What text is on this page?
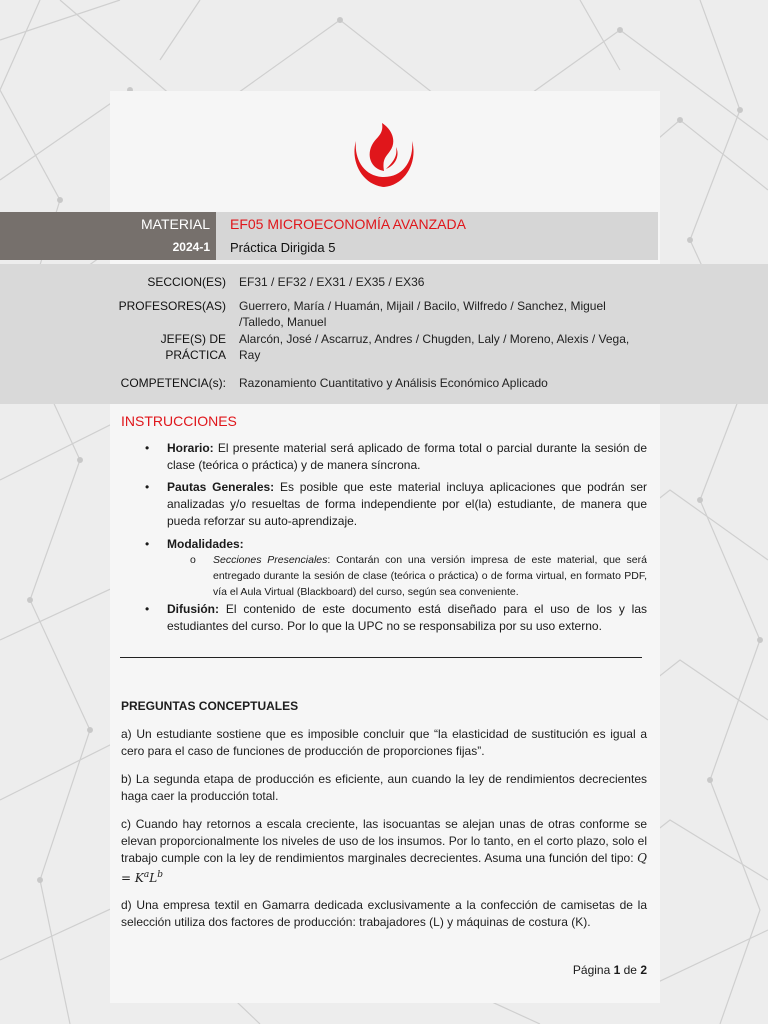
MATERIAL
2024-1
EF05 MICROECONOMÍA AVANZADA
Práctica Dirigida 5
SECCION(ES) EF31 / EF32 / EX31 / EX35 / EX36
PROFESORES(AS) Guerrero, María / Huamán, Mijail / Bacilo, Wilfredo / Sanchez, Miguel /Talledo, Manuel
JEFE(S) DE
PRÁCTICA
Alarcón, José / Ascarruz, Andres / Chugden, Laly / Moreno, Alexis / Vega, Ray
COMPETENCIA(s): Razonamiento Cuantitativo y Análisis Económico Aplicado
INSTRUCCIONES
• Horario: El presente material será aplicado de forma total o parcial durante la sesión de clase (teórica o práctica) y de manera síncrona.
• Pautas Generales: Es posible que este material incluya aplicaciones que podrán ser analizadas y/o resueltas de forma independiente por el(la) estudiante, de manera que pueda reforzar su auto-aprendizaje.
• Modalidades:
o Secciones Presenciales: Contarán con una versión impresa de este material, que será entregado durante la sesión de clase (teórica o práctica) o de forma virtual, en formato PDF, vía el Aula Virtual (Blackboard) del curso, según sea conveniente.
• Difusión: El contenido de este documento está diseñado para el uso de los y las estudiantes del curso. Por lo que la UPC no se responsabiliza por su uso externo.
PREGUNTAS CONCEPTUALES
a) Un estudiante sostiene que es imposible concluir que “la elasticidad de sustitución es igual a cero para el caso de funciones de producción de proporciones fijas”.
b) La segunda etapa de producción es eficiente, aun cuando la ley de rendimientos decrecientes haga caer la producción total.
c) Cuando hay retornos a escala creciente, las isocuantas se alejan unas de otras conforme se elevan proporcionalmente los niveles de uso de los insumos. Por lo tanto, en el corto plazo, solo el trabajo cumple con la ley de rendimientos marginales decrecientes. Asuma una función del tipo: $Q = K^aL^b$
d) Una empresa textil en Gamarra dedicada exclusivamente a la confección de camisetas de la selección utiliza dos factores de producción: trabajadores (L) y máquinas de costura (K).
Página 1 de 2
